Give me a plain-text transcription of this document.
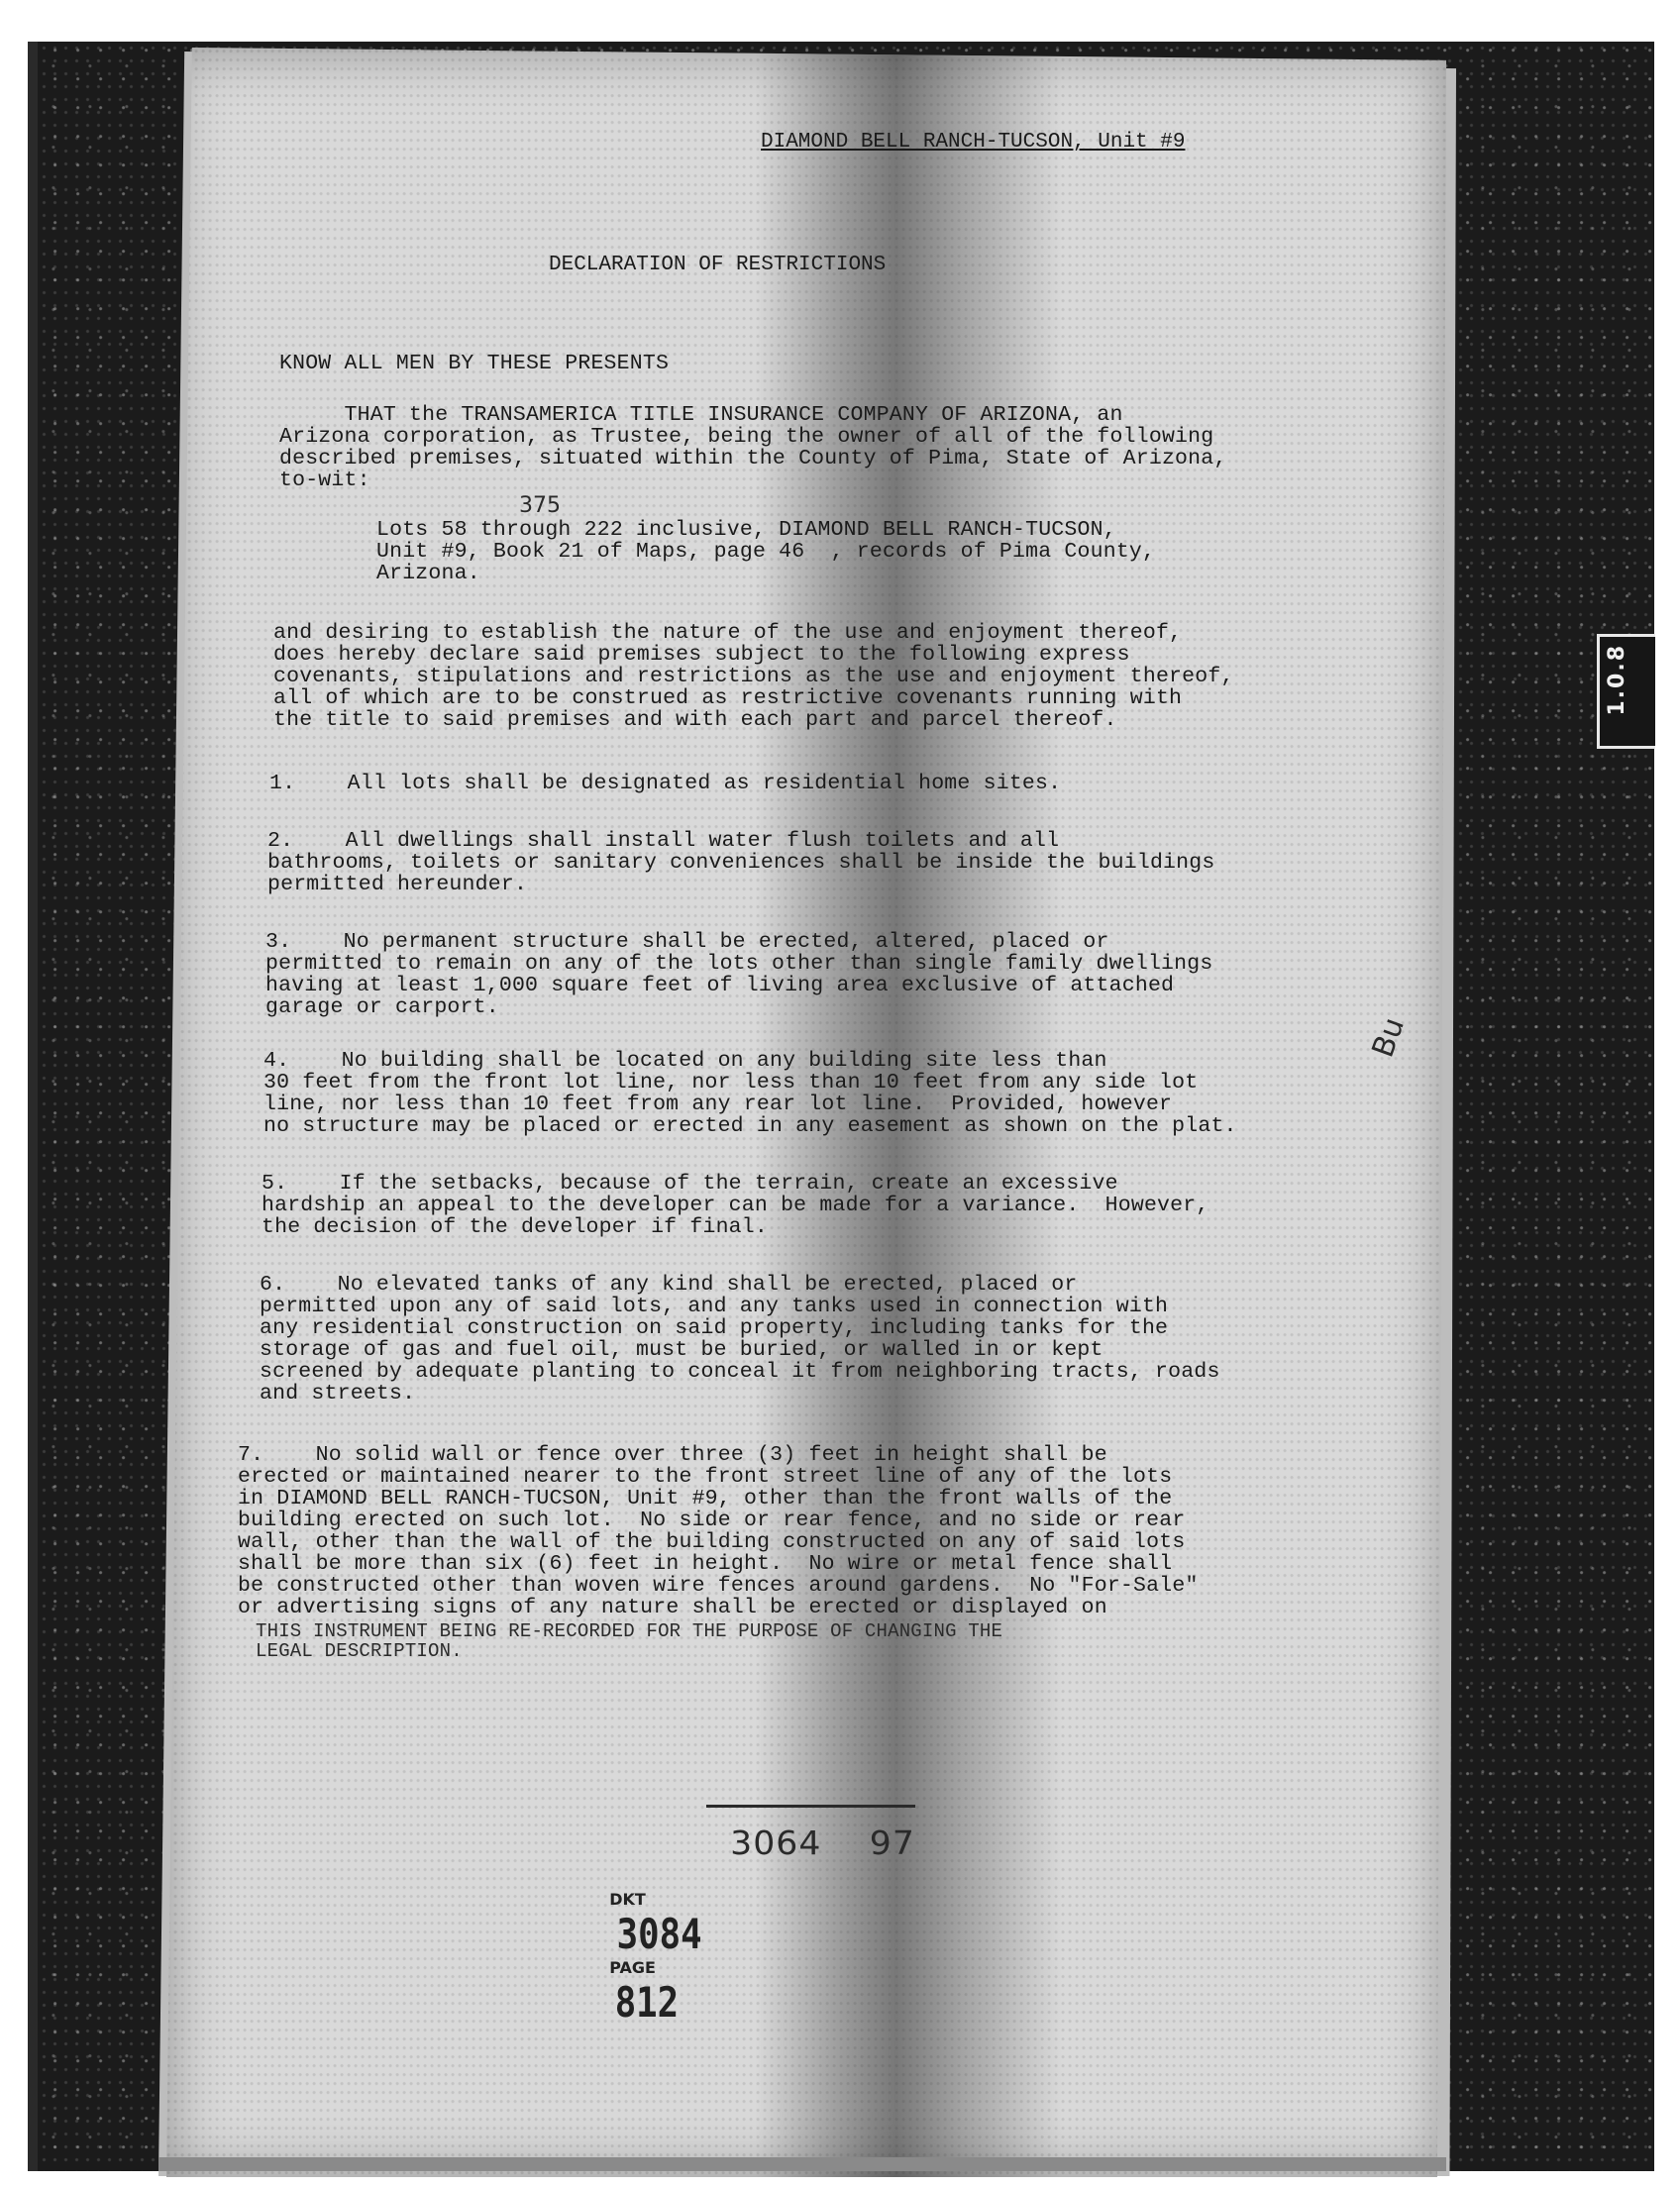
1.0.8
DIAMOND BELL RANCH-TUCSON, Unit #9
DECLARATION OF RESTRICTIONS
KNOW ALL MEN BY THESE PRESENTS
THAT the TRANSAMERICA TITLE INSURANCE COMPANY OF ARIZONA, an
Arizona corporation, as Trustee, being the owner of all of the following
described premises, situated within the County of Pima, State of Arizona,
to-wit:
375
Lots 58 through 222 inclusive, DIAMOND BELL RANCH-TUCSON,
Unit #9, Book 21 of Maps, page 46  , records of Pima County,
Arizona.
and desiring to establish the nature of the use and enjoyment thereof,
does hereby declare said premises subject to the following express
covenants, stipulations and restrictions as the use and enjoyment thereof,
all of which are to be construed as restrictive covenants running with
the title to said premises and with each part and parcel thereof.
1.    All lots shall be designated as residential home sites.
2.    All dwellings shall install water flush toilets and all
bathrooms, toilets or sanitary conveniences shall be inside the buildings
permitted hereunder.
3.    No permanent structure shall be erected, altered, placed or
permitted to remain on any of the lots other than single family dwellings
having at least 1,000 square feet of living area exclusive of attached
garage or carport.
Bu
4.    No building shall be located on any building site less than
30 feet from the front lot line, nor less than 10 feet from any side lot
line, nor less than 10 feet from any rear lot line.  Provided, however
no structure may be placed or erected in any easement as shown on the plat.
5.    If the setbacks, because of the terrain, create an excessive
hardship an appeal to the developer can be made for a variance.  However,
the decision of the developer if final.
6.    No elevated tanks of any kind shall be erected, placed or
permitted upon any of said lots, and any tanks used in connection with
any residential construction on said property, including tanks for the
storage of gas and fuel oil, must be buried, or walled in or kept
screened by adequate planting to conceal it from neighboring tracts, roads
and streets.
7.    No solid wall or fence over three (3) feet in height shall be
erected or maintained nearer to the front street line of any of the lots
in DIAMOND BELL RANCH-TUCSON, Unit #9, other than the front walls of the
building erected on such lot.  No side or rear fence, and no side or rear
wall, other than the wall of the building constructed on any of said lots
shall be more than six (6) feet in height.  No wire or metal fence shall
be constructed other than woven wire fences around gardens.  No "For-Sale"
or advertising signs of any nature shall be erected or displayed on
THIS INSTRUMENT BEING RE-RECORDED FOR THE PURPOSE OF CHANGING THE
LEGAL DESCRIPTION.

3064    97

DKT
3084
PAGE
812
